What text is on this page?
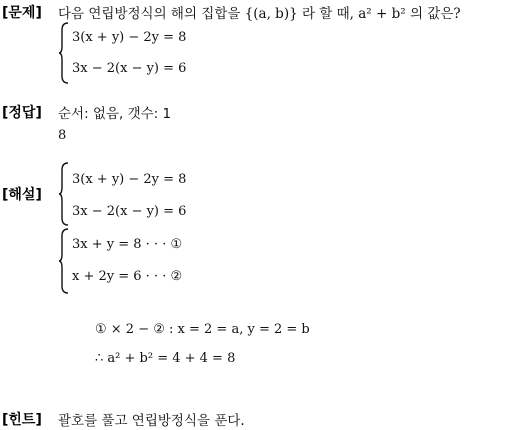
[문제] 다음 연립방정식의 해의 집합을 {(a, b)} 라 할 때, a² + b² 의 값은?
3(x + y) − 2y = 8
3x − 2(x − y) = 6
[정답] 순서: 없음, 갯수: 1
8
[해설]
3(x + y) − 2y = 8
3x − 2(x − y) = 6
3x + y = 8 · · · ①
x + 2y = 6 · · · ②
① × 2 − ② : x = 2 = a, y = 2 = b
∴ a² + b² = 4 + 4 = 8
[힌트] 괄호를 풀고 연립방정식을 푼다.
